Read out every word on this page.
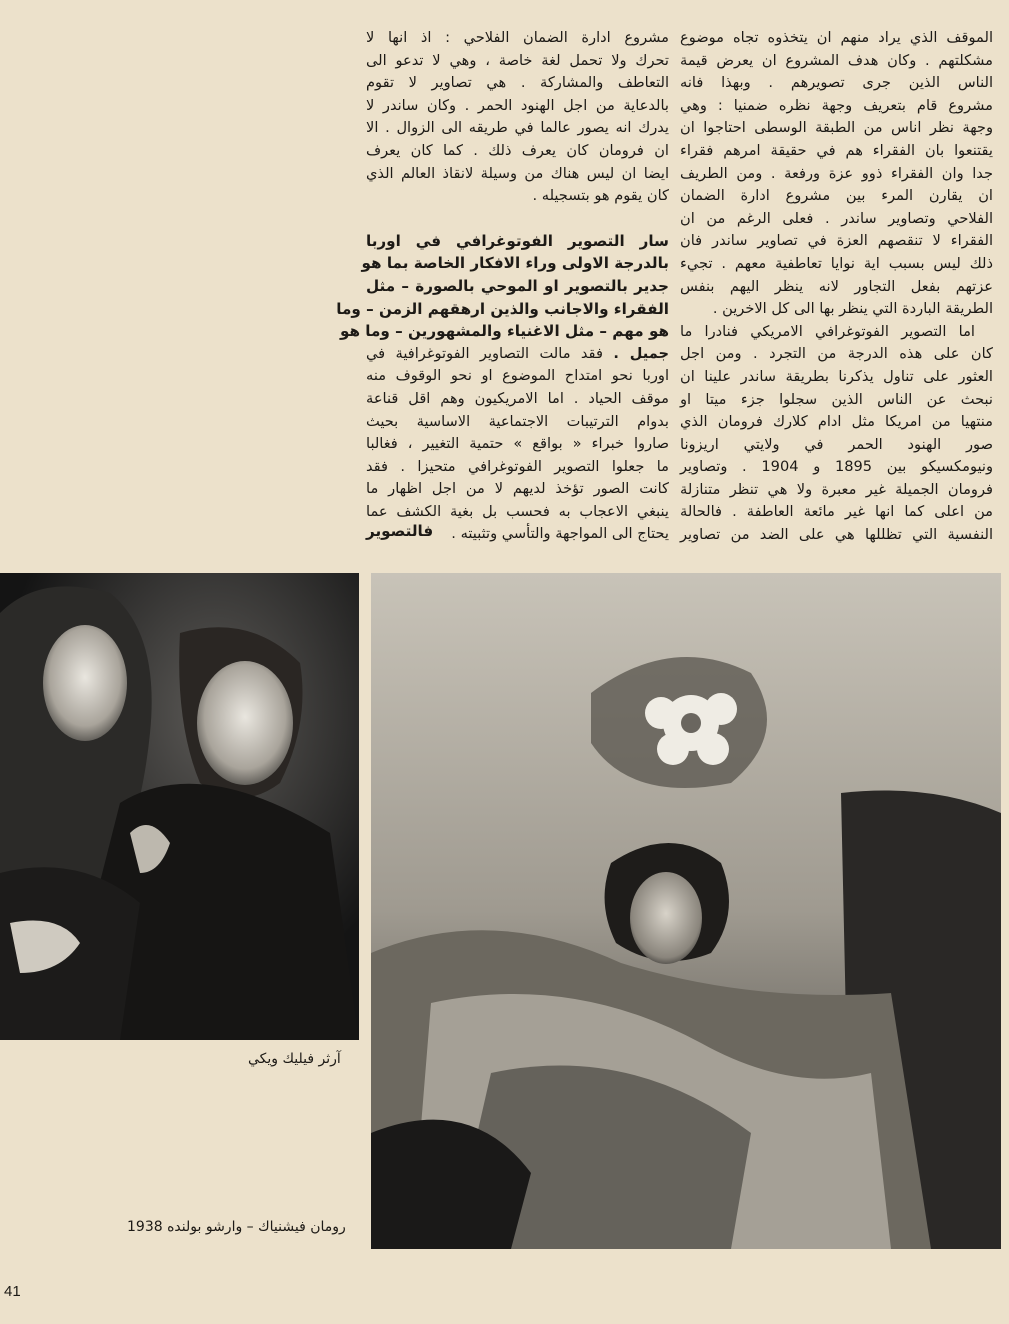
الموقف الذي يراد منهم ان يتخذوه تجاه موضوع
مشكلتهم . وكان هدف المشروع ان يعرض قيمة
الناس الذين جرى تصويرهم . وبهذا فانه
مشروع قام بتعريف وجهة نظره ضمنيا : وهي
وجهة نظر اناس من الطبقة الوسطى احتاجوا ان
يقتنعوا بان الفقراء هم في حقيقة امرهم فقراء
جدا وان الفقراء ذوو عزة ورفعة . ومن الطريف
ان يقارن المرء بين مشروع ادارة الضمان
الفلاحي وتصاوير ساندر . فعلى الرغم من ان
الفقراء لا تنقصهم العزة في تصاوير ساندر فان
ذلك ليس بسبب اية نوايا تعاطفية معهم . تجيء
عزتهم بفعل التجاور لانه ينظر اليهم بنفس
الطريقة الباردة التي ينظر بها الى كل الاخرين .
اما التصوير الفوتوغرافي الامريكي فنادرا ما
كان على هذه الدرجة من التجرد . ومن اجل
العثور على تناول يذكرنا بطريقة ساندر علينا ان
نبحث عن الناس الذين سجلوا جزء ميتا او
منتهيا من امريكا مثل ادام كلارك فرومان الذي
صور الهنود الحمر في ولايتي اريزونا
ونيومكسيكو بين 1895 و 1904 . وتصاوير
فرومان الجميلة غير معبرة ولا هي تنظر متنازلة
من اعلى كما انها غير مائعة العاطفة . فالحالة
النفسية التي تظللها هي على الضد من تصاوير
مشروع ادارة الضمان الفلاحي : اذ انها لا
تحرك ولا تحمل لغة خاصة ، وهي لا تدعو الى
التعاطف والمشاركة . هي تصاوير لا تقوم
بالدعاية من اجل الهنود الحمر . وكان ساندر لا
يدرك انه يصور عالما في طريقه الى الزوال . الا
ان فرومان كان يعرف ذلك . كما كان يعرف
ايضا ان ليس هناك من وسيلة لانقاذ العالم الذي
كان يقوم هو بتسجيله .
سار التصوير الفوتوغرافي في اوربا
بالدرجة الاولى وراء الافكار الخاصة بما هو
جدير بالتصوير او الموحي بالصورة – مثل
الفقراء والاجانب والذين ارهقهم الزمن – وما
هو مهم – مثل الاغنياء والمشهورين – وما هو
جميل . فقد مالت التصاوير الفوتوغرافية في
اوربا نحو امتداح الموضوع او نحو الوقوف منه
موقف الحياد . اما الامريكيون وهم اقل قناعة
بدوام الترتيبات الاجتماعية الاساسية بحيث
صاروا خبراء « بواقع » حتمية التغيير ، فغالبا
ما جعلوا التصوير الفوتوغرافي متحيزا . فقد
كانت الصور تؤخذ لديهم لا من اجل اظهار ما
ينبغي الاعجاب به فحسب بل بغية الكشف عما
يحتاج الى المواجهة والتأسي وتثبيته .
فالتصوير
آرثر فيليك ويكي
رومان فيشنياك – وارشو بولنده 1938
41
